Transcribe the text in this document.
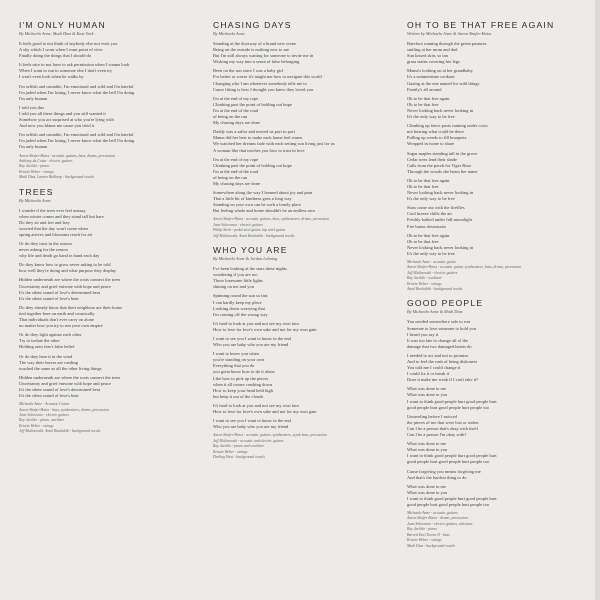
I'M ONLY HUMAN
By Michaela Anne, Madi Diaz & Kate York
It feels good to not think of anybody else not even you
A sky which I wont when I want point of view
Finally doing the things that I should do
It feels nice to not have to ask permission when I wanna look
When I want to run to someone else I don't even try
I won't even look when he walks by
I'm selfish and unstable, I'm emotional and wild and I'm hateful
I'm jaded when I'm losing, I never know what the hell I'm doing
I'm only human
I told you this
I told you all these things and you still wanted it
Somehow you act surprised at who you're lying with
And now you blame me cause you tried it
I'm selfish and unstable, I'm emotional and wild and I'm hateful
I'm jaded when I'm losing, I never know what the hell I'm doing
I'm only human
Aaron Shafer-Haiss - acoustic guitars, bass, drums, percussion
Anthony da Costa - electric guitars
Ray Jacildo - piano
Kristin Weber - strings
Madi Diaz, Lauren Balthrop - background vocals
TREES
By Michaela Anne
I wonder if the trees ever feel uneasy
when winter comes and they stand tall but bare
Do they sit and fret and fray
worried that the day won't come when
spring arrives and blossoms reach for air
Or do they trust in the season
never asking for the reason
why life and death go hand in hand each day
Do they know how to grow never asking to be told
how well they're doing and what purpose they display
Hidden underneath are where the roots connect the trees
Uncertainty and grief entwine with hope and peace
It's the silent sound of love's determined beat
It's the silent sound of love's beat
Do they already know that their neighbors are their home
tied together here on earth and cosmically
That individuals don't ever carry on alone
no matter how you try to run your own empire
Or do they fight against each other
Try to isolate the other
Holding onto fear's false belief
Or do they hear it in the wind
The way their leaves are rustling
touched the same as all the other living things
Hidden underneath are where the roots connect the trees
Uncertainty and grief entwine with hope and peace
It's the silent sound of love's determined beat
It's the silent sound of love's beat
Michaela Anne - Acoustic Guitar
Aaron Shafer-Haiss - bass, synthesizers, drums, percussion
Juan Solorzano - electric guitars
Ray Jacildo - piano, wurlitzer
Kristin Weber - strings
Jeff Malinowski, Amal Bouhabib - background vocals
CHASING DAYS
By Michaela Anne
Standing at the doorway of a brand new scene
Being on the outside is nothing new to me
But I'm still always waiting for someone to invite me in
Wishing my way into a sense of false belonging
Been on the run since I was a baby girl
For better or worse it's taught me how to navigate this world
Changing who I am whenever somebody tells me to
Cause fitting is how I thought you knew they loved you
I'm at the end of my rope
Climbing past the point of holding out hope
I'm at the end of the road
of being on the run
My chasing days are done
Daddy was a sailor and moved us port to port
Mama did her best to make each home feel warm
We watched her dreams fade with each setting sun living just for us
A woman like that teaches you how to trust in love
I'm at the end of my rope
Climbing past the point of holding out hope
I'm at the end of the road
of being on the run
My chasing days are done
Somewhere along the way I learned about joy and pain
That a little bit of kindness goes a long way
Standing on your own can be such a lonely place
But feeling whole and home shouldn't be an endless race
Aaron Shafer-Haiss - acoustic guitars, bass, synthesizers, drums, percussion
Juan Solorzano - electric guitars
Philip Sterk - pedal steel guitar, lap steel guitar
Jeff Malinowski, Amal Bouhabib - background vocals
WHO YOU ARE
By Michaela Anne & Jordan Lehning
I've been looking at the stars these nights
wondering if you are too
Those lonesome little lights
shining on me and you
Spinning round the sun so fast
I can hardly keep my place
Looking down worrying that
I'm coming off the wrong way
It's hard to look at you and not see my own face
How to love for love's own sake and not for my own gain
I want to see you I want to know in the end
Who you are baby who you are my friend
I want to know you when
you're standing on your own
Everything that you do
you gotta know how to do it alone
Like how to pick up the pieces
when it all comes crashing down
How to keep your head held high
but keep it out of the clouds
It's hard to look at you and not see my own face
How to love for love's own sake and not for my own gain
I want to see you I want to know in the end
Who you are baby who you are my friend
Aaron Shafer-Haiss - acoustic guitars, synthesizers, synth bass, percussion
Jeff Malinowski - acoustic and electric guitars
Ray Jacildo - piano and wurlitzer
Kristin Weber - strings
Darling West - background vocals
OH TO BE THAT FREE AGAIN
Written by Michaela Anne & Aaron Shafer-Haiss
Barefoot running through the green pastures
smiling at her mom and dad
Sun kissed skin, so tan
grass stains covering her legs
Mama's looking on at her grandbaby
It's a summertime cookout
Gazing at the one named for wild things
Family's all around
Oh to be that free again
Oh to be that free
Never looking back never looking in
It's the only way to be free
Climbing up fence posts running under cows
not hearing what could be there
Pulling up weeds to fill bouquets
Wrapped in twine to share
Sugar maples standing tall in the grove
Cedar trees lend their shade
Calls from the porch for Tiger Rose
Through the woods she hears her name
Oh to be that free again
Oh to be that free
Never looking back never looking in
It's the only way to be free
Stars come out with the fireflies
Cool breeze chills the air
Freshly bathed under full moonlight
Fire burns downstairs
Oh to be that free again
Oh to be that free
Never looking back never looking in
It's the only way to be free
Michaela Anne - acoustic guitar
Aaron Shafer-Haiss - acoustic guitar, synthesizers, bass, drums, percussion
Jeff Malinowski - electric guitars
Ray Jacildo - wurlitzer
Kristin Weber - strings
Amal Bouhabib - background vocals
GOOD PEOPLE
By Michaela Anne & Madi Diaz
You needed somewhere safe to run
Someone to love someone to hold you
I heard you say it
It was too late to change all of the
damage that two damaged hearts do
I needed to act and not to promise
And to feel the rush of being dishonest
You told me I could change it
I could fix it or break it
Does it make me weak if I can't take it?
What was done to me
What was done to you
I want to think good people hurt good people hurt
good people hurt good people hurt people too
Unraveling before I noticed
the pieces of me that were lost or stolen
Can I be a person that's okay with itself
Can I be a person I'm okay with?
What was done to me
What was done to you
I want to think good people hurt good people hurt
good people hurt good people hurt people too
Cause forgiving you means forgiving me
And that's the hardest thing to do
What was done to me
What was done to you
I want to think good people hurt good people hurt
good people hurt good people hurt people too
Michaela Anne - acoustic guitars
Aaron Shafer-Haiss - drums, percussion
Juan Solorzano - electric guitars, sidewaze
Ray Jacildo - piano
Barrett Earl Towne II - bass
Kristin Weber - strings
Madi Diaz - background vocals
